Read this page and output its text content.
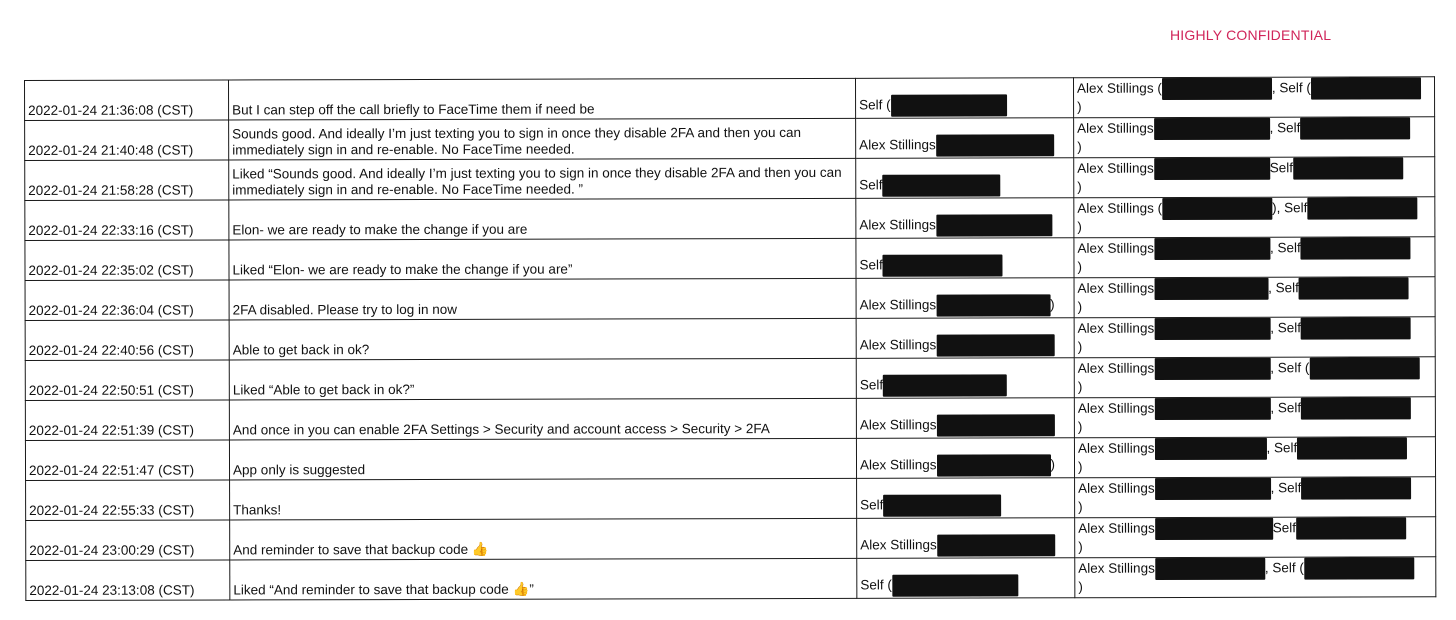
HIGHLY CONFIDENTIAL
2022-01-24 21:36:08 (CST)	But I can step off the call briefly to FaceTime them if need be	Self (	Alex Stillings ( , Self (
)

2022-01-24 21:40:48 (CST)	Sounds good. And ideally I’m just texting you to sign in once they disable 2FA and then you can immediately sign in and re-enable. No FaceTime needed.	Alex Stillings	Alex Stillings , Self
)

2022-01-24 21:58:28 (CST)	Liked “Sounds good. And ideally I’m just texting you to sign in once they disable 2FA and then you can immediately sign in and re-enable. No FaceTime needed. ”	Self	Alex Stillings Self
)

2022-01-24 22:33:16 (CST)	Elon- we are ready to make the change if you are	Alex Stillings	Alex Stillings ( ), Self
)

2022-01-24 22:35:02 (CST)	Liked “Elon- we are ready to make the change if you are”	Self	Alex Stillings , Self
)

2022-01-24 22:36:04 (CST)	2FA disabled. Please try to log in now	Alex Stillings )	Alex Stillings , Self
)

2022-01-24 22:40:56 (CST)	Able to get back in ok?	Alex Stillings	Alex Stillings , Self
)

2022-01-24 22:50:51 (CST)	Liked “Able to get back in ok?”	Self	Alex Stillings , Self (
)

2022-01-24 22:51:39 (CST)	And once in you can enable 2FA Settings > Security and account access > Security > 2FA	Alex Stillings	Alex Stillings , Self
)

2022-01-24 22:51:47 (CST)	App only is suggested	Alex Stillings )	Alex Stillings , Self
)

2022-01-24 22:55:33 (CST)	Thanks!	Self	Alex Stillings , Self
)

2022-01-24 23:00:29 (CST)	And reminder to save that backup code 👍	Alex Stillings	Alex Stillings Self
)

2022-01-24 23:13:08 (CST)	Liked “And reminder to save that backup code 👍”	Self (	Alex Stillings , Self (
)
